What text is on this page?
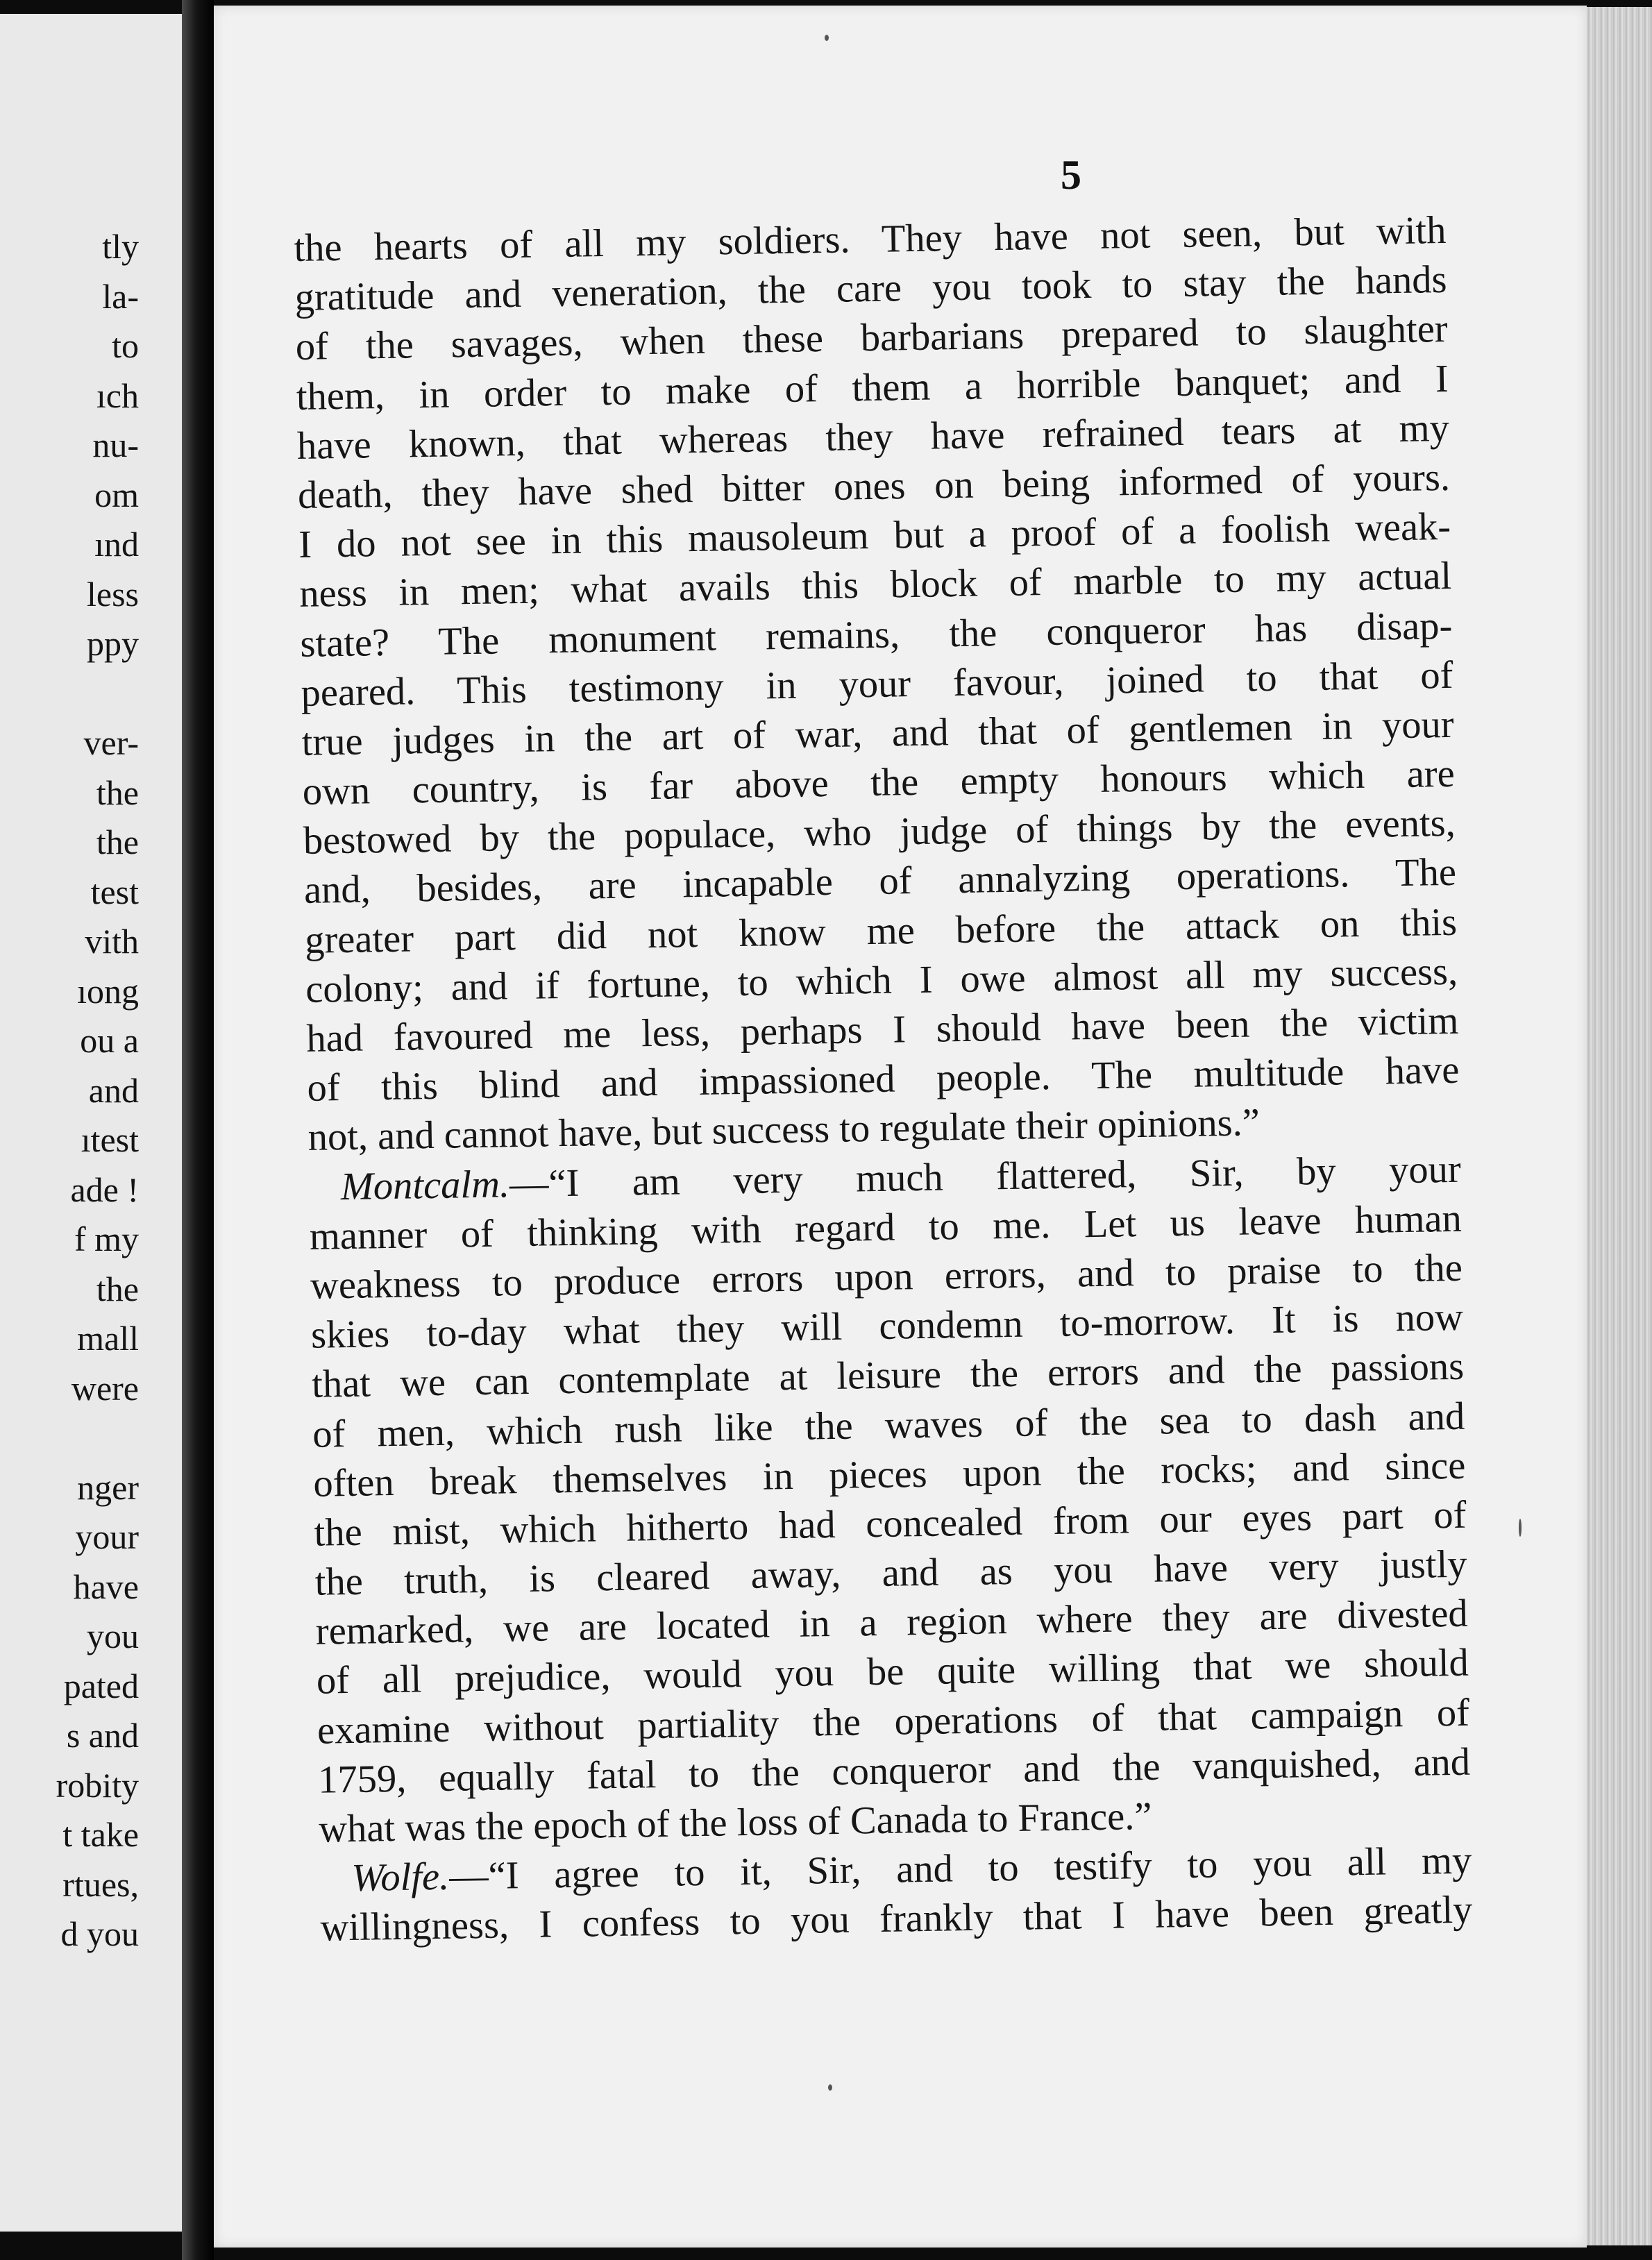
tly
la-
to
ıch
nu-
om
ınd
less
ppy
ver-
the
the
test
vith
ıong
ou a
and
ıtest
ade !
f my
the
mall
were
nger
your
have
you
pated
s and
robity
t take
rtues,
d you
5
the hearts of all my soldiers. They have not seen, but with
gratitude and veneration, the care you took to stay the hands
of the savages, when these barbarians prepared to slaughter
them, in order to make of them a horrible banquet; and I
have known, that whereas they have refrained tears at my
death, they have shed bitter ones on being informed of yours.
I do not see in this mausoleum but a proof of a foolish weak-
ness in men; what avails this block of marble to my actual
state? The monument remains, the conqueror has disap-
peared. This testimony in your favour, joined to that of
true judges in the art of war, and that of gentlemen in your
own country, is far above the empty honours which are
bestowed by the populace, who judge of things by the events,
and, besides, are incapable of annalyzing operations. The
greater part did not know me before the attack on this
colony; and if fortune, to which I owe almost all my success,
had favoured me less, perhaps I should have been the victim
of this blind and impassioned people. The multitude have
not, and cannot have, but success to regulate their opinions.”
Montcalm.—“I am very much flattered, Sir, by your
manner of thinking with regard to me. Let us leave human
weakness to produce errors upon errors, and to praise to the
skies to-day what they will condemn to-morrow. It is now
that we can contemplate at leisure the errors and the passions
of men, which rush like the waves of the sea to dash and
often break themselves in pieces upon the rocks; and since
the mist, which hitherto had concealed from our eyes part of
the truth, is cleared away, and as you have very justly
remarked, we are located in a region where they are divested
of all prejudice, would you be quite willing that we should
examine without partiality the operations of that campaign of
1759, equally fatal to the conqueror and the vanquished, and
what was the epoch of the loss of Canada to France.”
Wolfe.—“I agree to it, Sir, and to testify to you all my
willingness, I confess to you frankly that I have been greatly
